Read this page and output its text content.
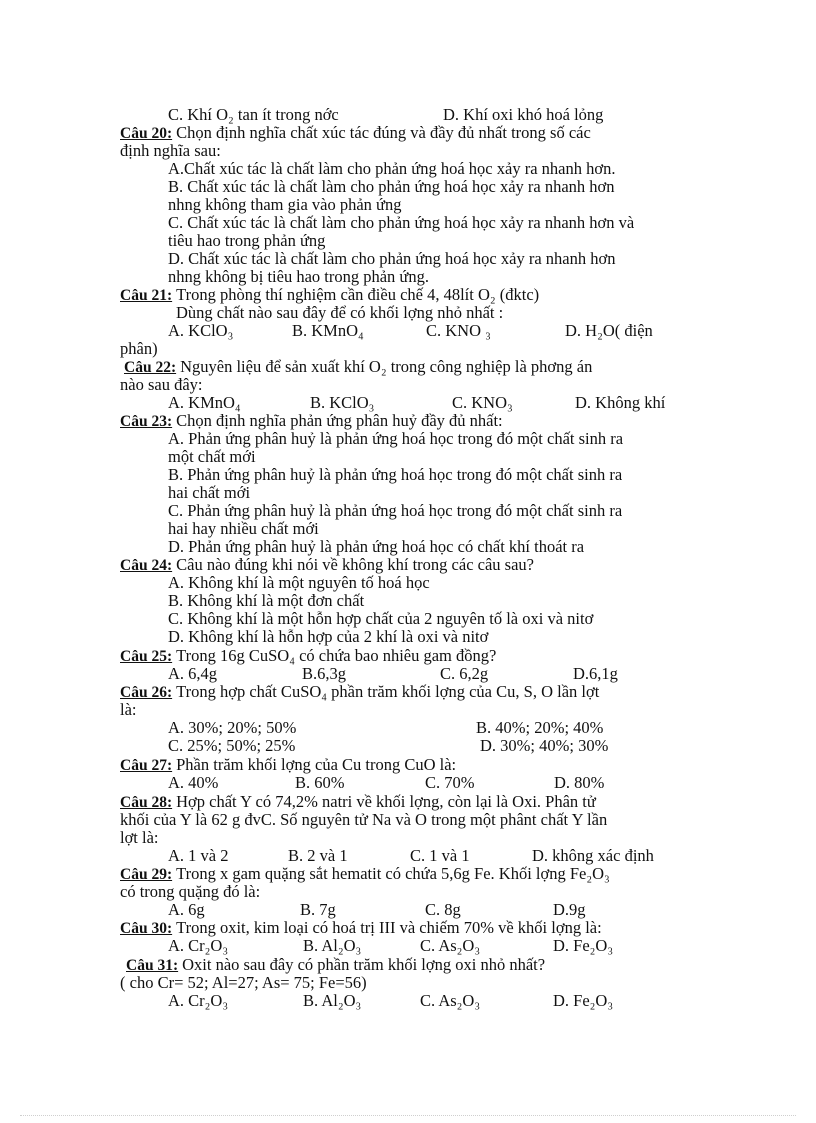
C. Khí O₂ tan ít trong nớc	D. Khí oxi khó hoá lỏng
Câu 20: Chọn định nghĩa chất xúc tác đúng và đầy đủ nhất trong số các
định nghĩa sau:
A.Chất xúc tác là chất làm cho phản ứng hoá học xảy ra nhanh hơn.
B. Chất xúc tác là chất làm cho phản ứng hoá học xảy ra nhanh hơn
nhng không tham gia vào phản ứng
C. Chất xúc tác là chất làm cho phản ứng hoá học xảy ra nhanh hơn và
tiêu hao trong phản ứng
D. Chất xúc tác là chất làm cho phản ứng hoá học xảy ra nhanh hơn
nhng không bị tiêu hao trong phản ứng.
Câu 21: Trong phòng thí nghiệm cần điều chế 4, 48lít O₂ (đktc)
Dùng chất nào sau đây để có khối lợng nhỏ nhất :
A. KClO₃	B. KMnO₄	C. KNO ₃	D. H₂O( điện
phân)
Câu 22: Nguyên liệu để sản xuất khí O₂ trong công nghiệp là phơng án
nào sau đây:
A. KMnO₄	B. KClO₃	C. KNO₃	D. Không khí
Câu 23: Chọn định nghĩa phản ứng phân huỷ đầy đủ nhất:
A. Phản ứng phân huỷ là phản ứng hoá học trong đó một chất sinh ra
một chất mới
B. Phản ứng phân huỷ là phản ứng hoá học trong đó một chất sinh ra
hai chất mới
C. Phản ứng phân huỷ là phản ứng hoá học trong đó một chất sinh ra
hai hay nhiều chất mới
D. Phản ứng phân huỷ là phản ứng hoá học có chất khí thoát ra
Câu 24: Câu nào đúng khi nói về không khí trong các câu sau?
A. Không khí là một nguyên tố hoá học
B. Không khí là một đơn chất
C. Không khí là một hỗn hợp chất của 2 nguyên tố là oxi và nitơ
D. Không khí là hỗn hợp của 2 khí là oxi và nitơ
Câu 25: Trong 16g CuSO₄ có chứa bao nhiêu gam đồng?
A. 6,4g	B.6,3g	C. 6,2g	D.6,1g
Câu 26: Trong hợp chất CuSO₄ phần trăm khối lợng của Cu, S, O lần lợt
là:
A. 30%; 20%; 50%	B. 40%; 20%; 40%
C. 25%; 50%; 25%	D. 30%; 40%; 30%
Câu 27: Phần trăm khối lợng của Cu trong CuO là:
A. 40%	B. 60%	C. 70%	D. 80%
Câu 28: Hợp chất Y có 74,2% natri về khối lợng, còn lại là Oxi. Phân tử
khối của Y là 62 g đvC. Số nguyên tử Na và O trong một phânt chất Y lần
lợt là:
A. 1 và 2	B. 2 và 1	C. 1 và 1	D. không xác định
Câu 29: Trong x gam quặng sắt hematit có chứa 5,6g Fe. Khối lợng Fe₂O₃
có trong quặng đó là:
A. 6g	B. 7g	C. 8g	D.9g
Câu 30: Trong oxit, kim loại có hoá trị III và chiếm 70% về khối lợng là:
A. Cr₂O₃	B. Al₂O₃	C. As₂O₃	D. Fe₂O₃
Câu 31: Oxit nào sau đây có phần trăm khối lợng oxi nhỏ nhất?
( cho Cr= 52; Al=27; As= 75; Fe=56)
A. Cr₂O₃	B. Al₂O₃	C. As₂O₃	D. Fe₂O₃
